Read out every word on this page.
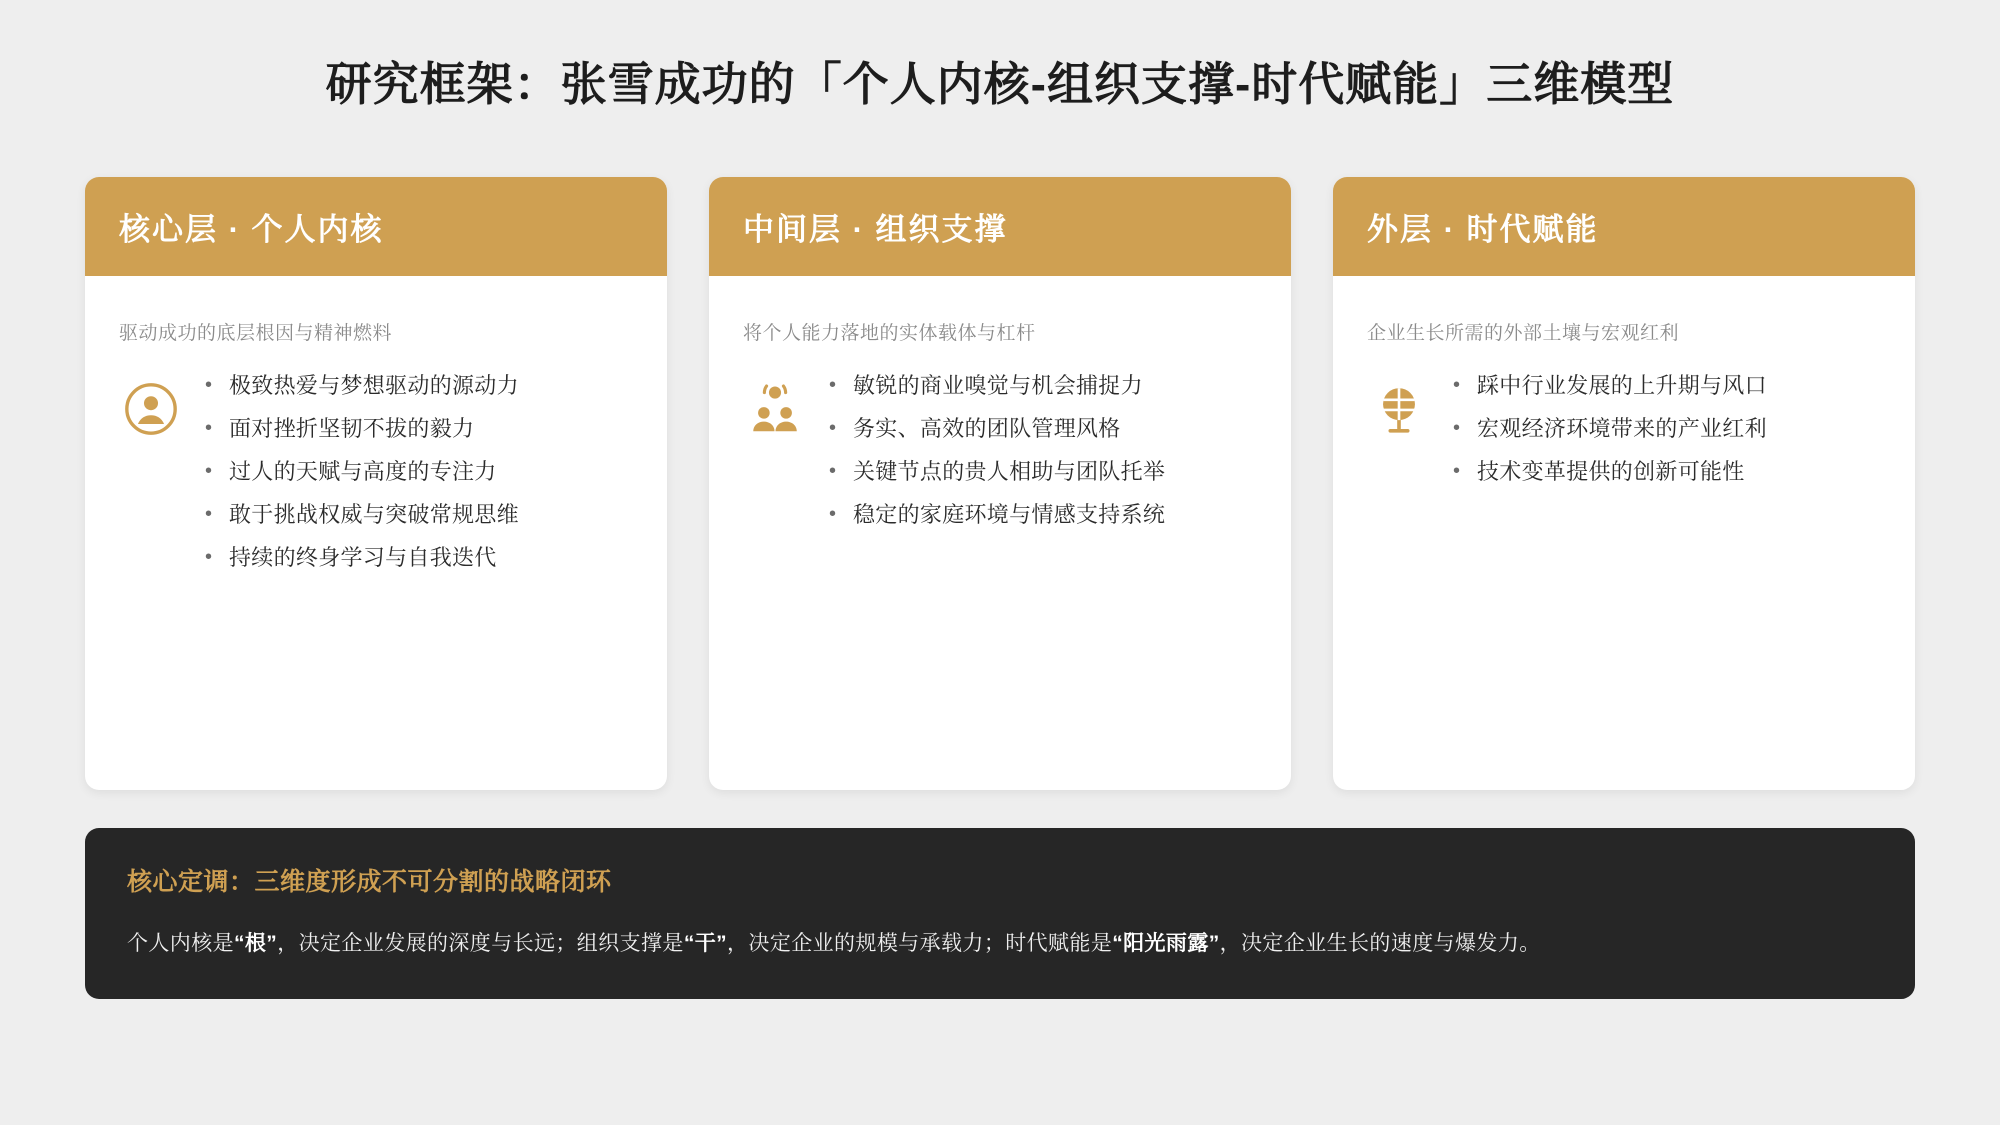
研究框架：张雪成功的「个人内核-组织支撑-时代赋能」三维模型
核心层 · 个人内核
驱动成功的底层根因与精神燃料
• 极致热爱与梦想驱动的源动力
• 面对挫折坚韧不拔的毅力
• 过人的天赋与高度的专注力
• 敢于挑战权威与突破常规思维
• 持续的终身学习与自我迭代
中间层 · 组织支撑
将个人能力落地的实体载体与杠杆
• 敏锐的商业嗅觉与机会捕捉力
• 务实、高效的团队管理风格
• 关键节点的贵人相助与团队托举
• 稳定的家庭环境与情感支持系统
外层 · 时代赋能
企业生长所需的外部土壤与宏观红利
• 踩中行业发展的上升期与风口
• 宏观经济环境带来的产业红利
• 技术变革提供的创新可能性
核心定调：三维度形成不可分割的战略闭环
个人内核是“根”，决定企业发展的深度与长远；组织支撑是“干”，决定企业的规模与承载力；时代赋能是“阳光雨露”，决定企业生长的速度与爆发力。
